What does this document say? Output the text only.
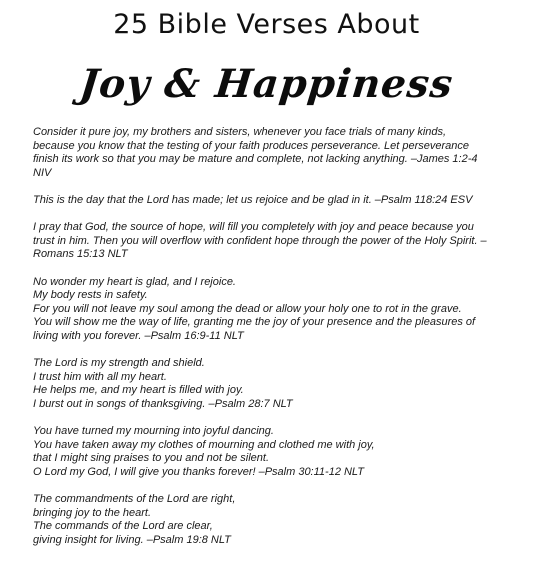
25 Bible Verses About
Joy & Happiness
Consider it pure joy, my brothers and sisters, whenever you face trials of many kinds,
because you know that the testing of your faith produces perseverance. Let perseverance
finish its work so that you may be mature and complete, not lacking anything. –James 1:2-4
NIV
This is the day that the Lord has made; let us rejoice and be glad in it. –Psalm 118:24 ESV
I pray that God, the source of hope, will fill you completely with joy and peace because you
trust in him. Then you will overflow with confident hope through the power of the Holy Spirit. –
Romans 15:13 NLT
No wonder my heart is glad, and I rejoice.
My body rests in safety.
For you will not leave my soul among the dead or allow your holy one to rot in the grave.
You will show me the way of life, granting me the joy of your presence and the pleasures of
living with you forever. –Psalm 16:9-11 NLT
The Lord is my strength and shield.
I trust him with all my heart.
He helps me, and my heart is filled with joy.
I burst out in songs of thanksgiving. –Psalm 28:7 NLT
You have turned my mourning into joyful dancing.
You have taken away my clothes of mourning and clothed me with joy,
that I might sing praises to you and not be silent.
O Lord my God, I will give you thanks forever! –Psalm 30:11-12 NLT
The commandments of the Lord are right,
bringing joy to the heart.
The commands of the Lord are clear,
giving insight for living. –Psalm 19:8 NLT
